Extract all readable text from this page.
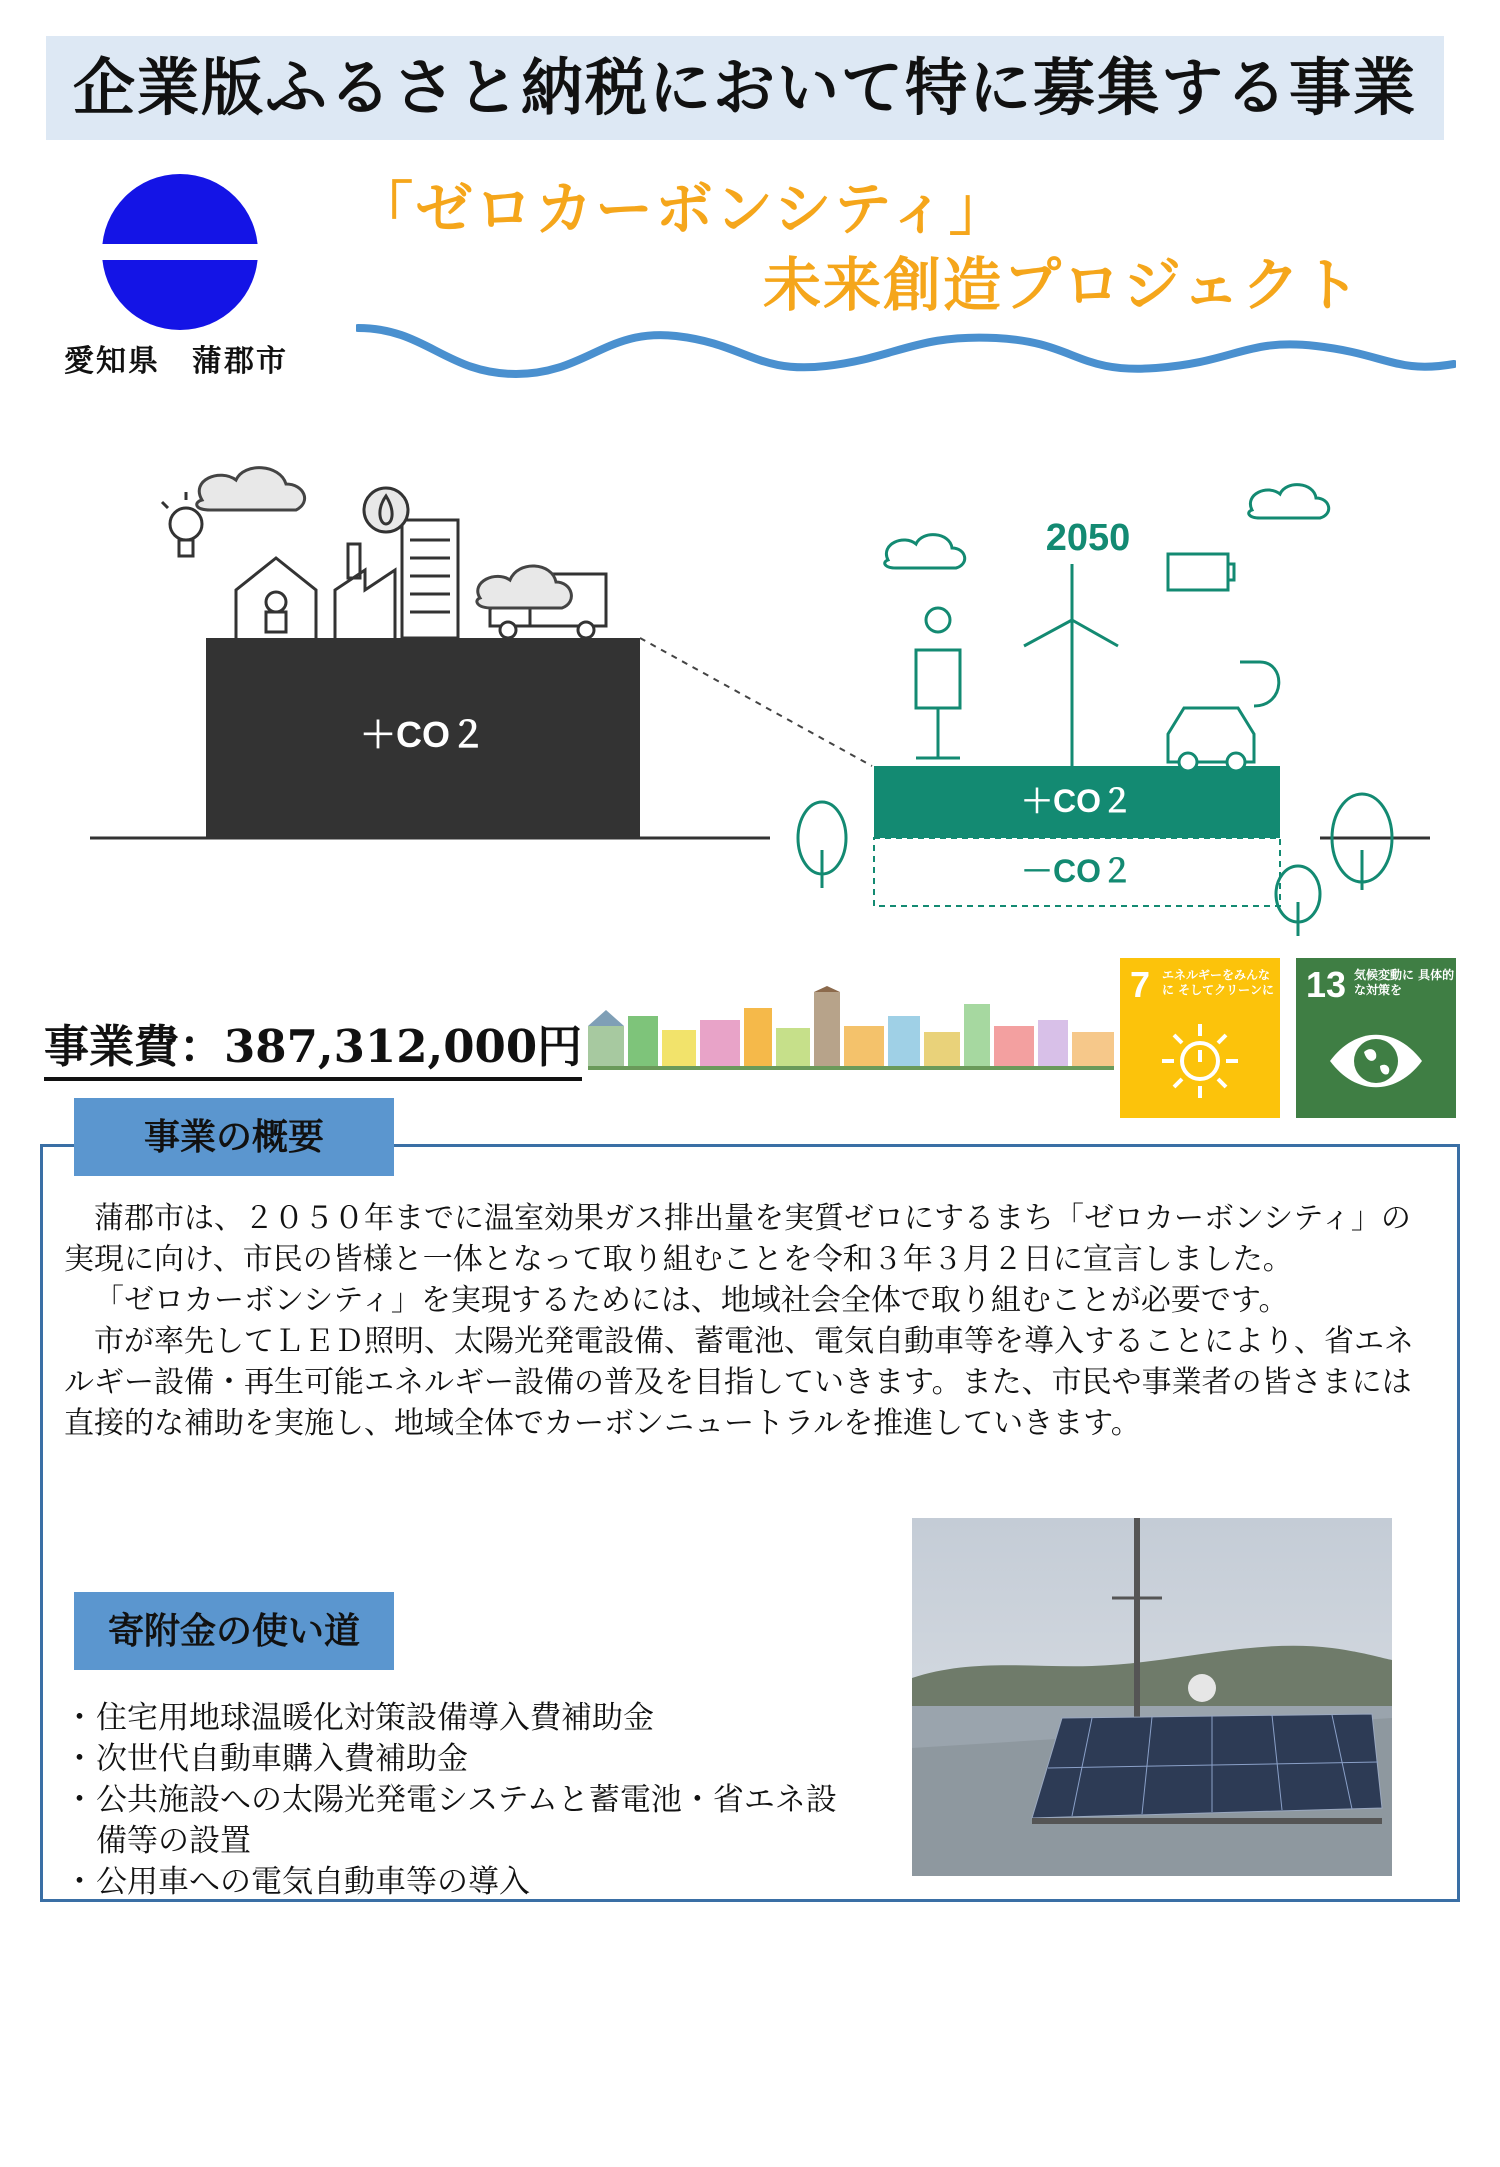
企業版ふるさと納税において特に募集する事業
愛知県　蒲郡市
「ゼロカーボンシティ」
未来創造プロジェクト
＋CO２
＋CO２
－CO２
2050
事業費：387,312,000円
7 エネルギーをみんなに そしてクリーンに 13 気候変動に 具体的な対策を
事業の概要

蒲郡市は、２０５０年までに温室効果ガス排出量を実質ゼロにするまち「ゼロカーボンシティ」の実現に向け、市民の皆様と一体となって取り組むことを令和３年３月２日に宣言しました。

「ゼロカーボンシティ」を実現するためには、地域社会全体で取り組むことが必要です。

市が率先してＬＥＤ照明、太陽光発電設備、蓄電池、電気自動車等を導入することにより、省エネルギー設備・再生可能エネルギー設備の普及を目指していきます。また、市民や事業者の皆さまには直接的な補助を実施し、地域全体でカーボンニュートラルを推進していきます。

寄附金の使い道
・ 住宅用地球温暖化対策設備導入費補助金
・ 次世代自動車購入費補助金
・ 公共施設への太陽光発電システムと蓄電池・省エネ設備等の設置
・ 公用車への電気自動車等の導入
